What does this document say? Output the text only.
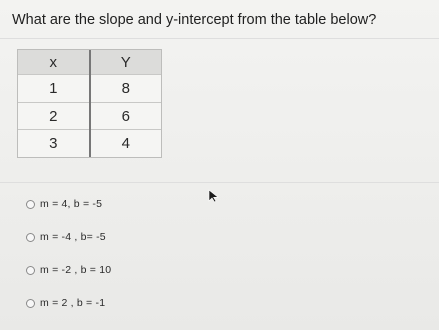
What are the slope and y-intercept from the table below?
x	Y
1	8
2	6
3	4
m = 4, b = -5
m = -4 , b= -5
m = -2 , b = 10
m = 2 , b = -1
